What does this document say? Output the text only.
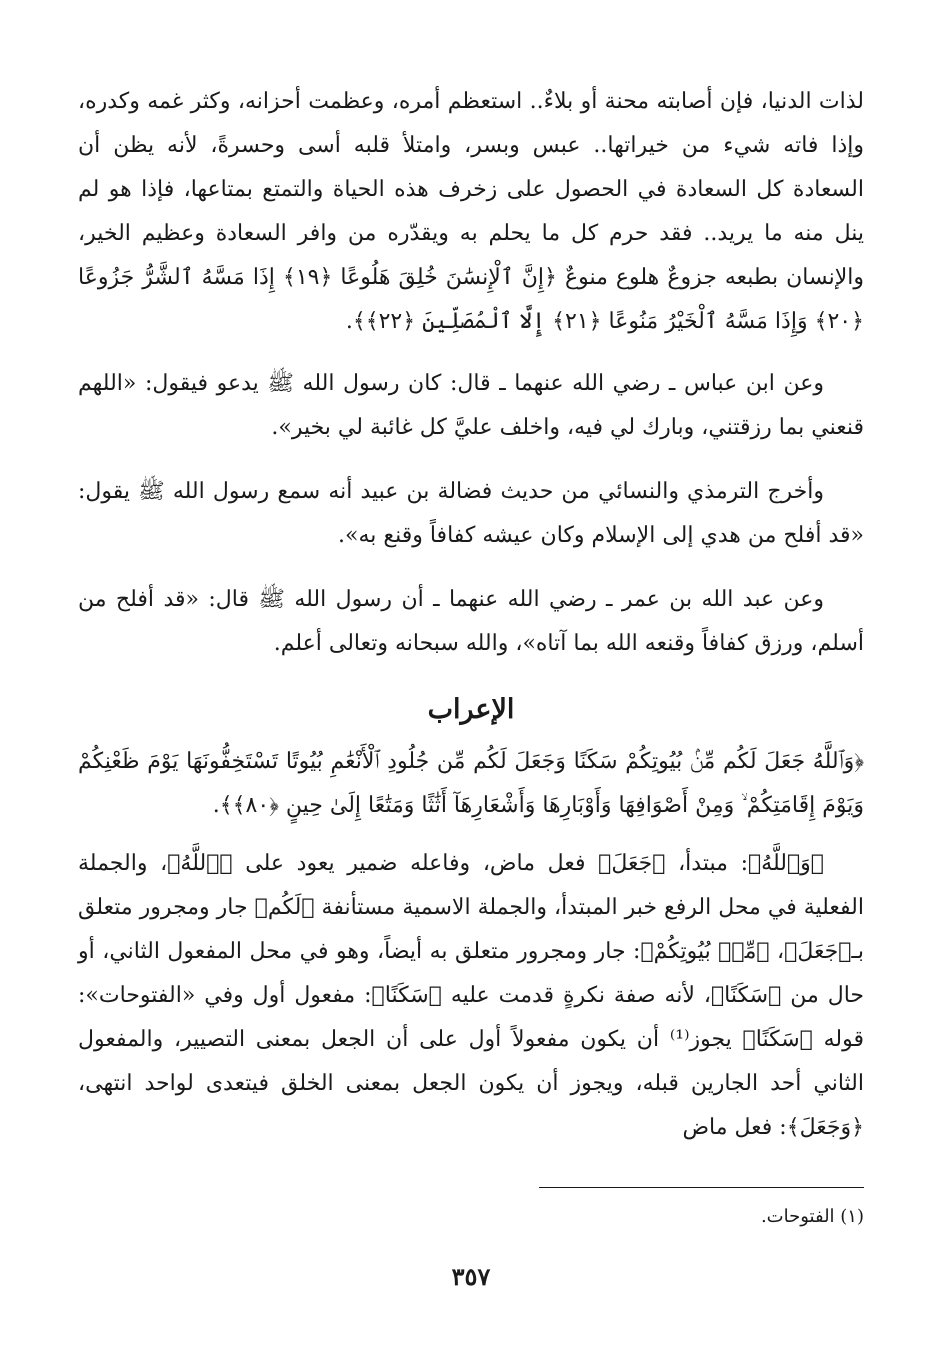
لذات الدنيا، فإن أصابته محنة أو بلاءٌ.. استعظم أمره، وعظمت أحزانه، وكثر غمه وكدره، وإذا فاته شيء من خيراتها.. عبس وبسر، وامتلأ قلبه أسى وحسرةً، لأنه يظن أن السعادة كل السعادة في الحصول على زخرف هذه الحياة والتمتع بمتاعها، فإذا هو لم ينل منه ما يريد.. فقد حرم كل ما يحلم به ويقدّره من وافر السعادة وعظيم الخير، والإنسان بطبعه جزوعٌ هلوع منوعٌ ﴿إِنَّ ٱلْإِنسَٰنَ خُلِقَ هَلُوعًا ﴿١٩﴾ إِذَا مَسَّهُ ٱلشَّرُّ جَزُوعًا ﴿٢٠﴾ وَإِذَا مَسَّهُ ٱلْخَيْرُ مَنُوعًا ﴿٢١﴾ إِلَّا ٱلْمُصَلِّينَ ﴿٢٢﴾﴾.

وعن ابن عباس ـ رضي الله عنهما ـ قال: كان رسول الله ﷺ يدعو فيقول: «اللهم قنعني بما رزقتني، وبارك لي فيه، واخلف عليَّ كل غائبة لي بخير».

وأخرج الترمذي والنسائي من حديث فضالة بن عبيد أنه سمع رسول الله ﷺ يقول: «قد أفلح من هدي إلى الإسلام وكان عيشه كفافاً وقنع به».

وعن عبد الله بن عمر ـ رضي الله عنهما ـ أن رسول الله ﷺ قال: «قد أفلح من أسلم، ورزق كفافاً وقنعه الله بما آتاه»، والله سبحانه وتعالى أعلم.

الإعراب

﴿وَٱللَّهُ جَعَلَ لَكُم مِّنۢ بُيُوتِكُمْ سَكَنًا وَجَعَلَ لَكُم مِّن جُلُودِ ٱلْأَنْعَٰمِ بُيُوتًا تَسْتَخِفُّونَهَا يَوْمَ ظَعْنِكُمْ وَيَوْمَ إِقَامَتِكُمْ ۙ وَمِنْ أَصْوَافِهَا وَأَوْبَارِهَا وَأَشْعَارِهَآ أَثَٰثًا وَمَتَٰعًا إِلَىٰ حِينٍ ﴿٨٠﴾﴾.

﴿وَٱللَّهُ﴾: مبتدأ، ﴿جَعَلَ﴾ فعل ماض، وفاعله ضمير يعود على ﴿ٱللَّهُ﴾، والجملة الفعلية في محل الرفع خبر المبتدأ، والجملة الاسمية مستأنفة ﴿لَكُم﴾ جار ومجرور متعلق بـ﴿جَعَلَ﴾، ﴿مِّنۢ بُيُوتِكُمْ﴾: جار ومجرور متعلق به أيضاً، وهو في محل المفعول الثاني، أو حال من ﴿سَكَنًا﴾، لأنه صفة نكرةٍ قدمت عليه ﴿سَكَنًا﴾: مفعول أول وفي «الفتوحات»: قوله ﴿سَكَنًا﴾ يجوز⁽¹⁾ أن يكون مفعولاً أول على أن الجعل بمعنى التصيير، والمفعول الثاني أحد الجارين قبله، ويجوز أن يكون الجعل بمعنى الخلق فيتعدى لواحد انتهى، ﴿وَجَعَلَ﴾: فعل ماض

(١) الفتوحات.
٣٥٧
